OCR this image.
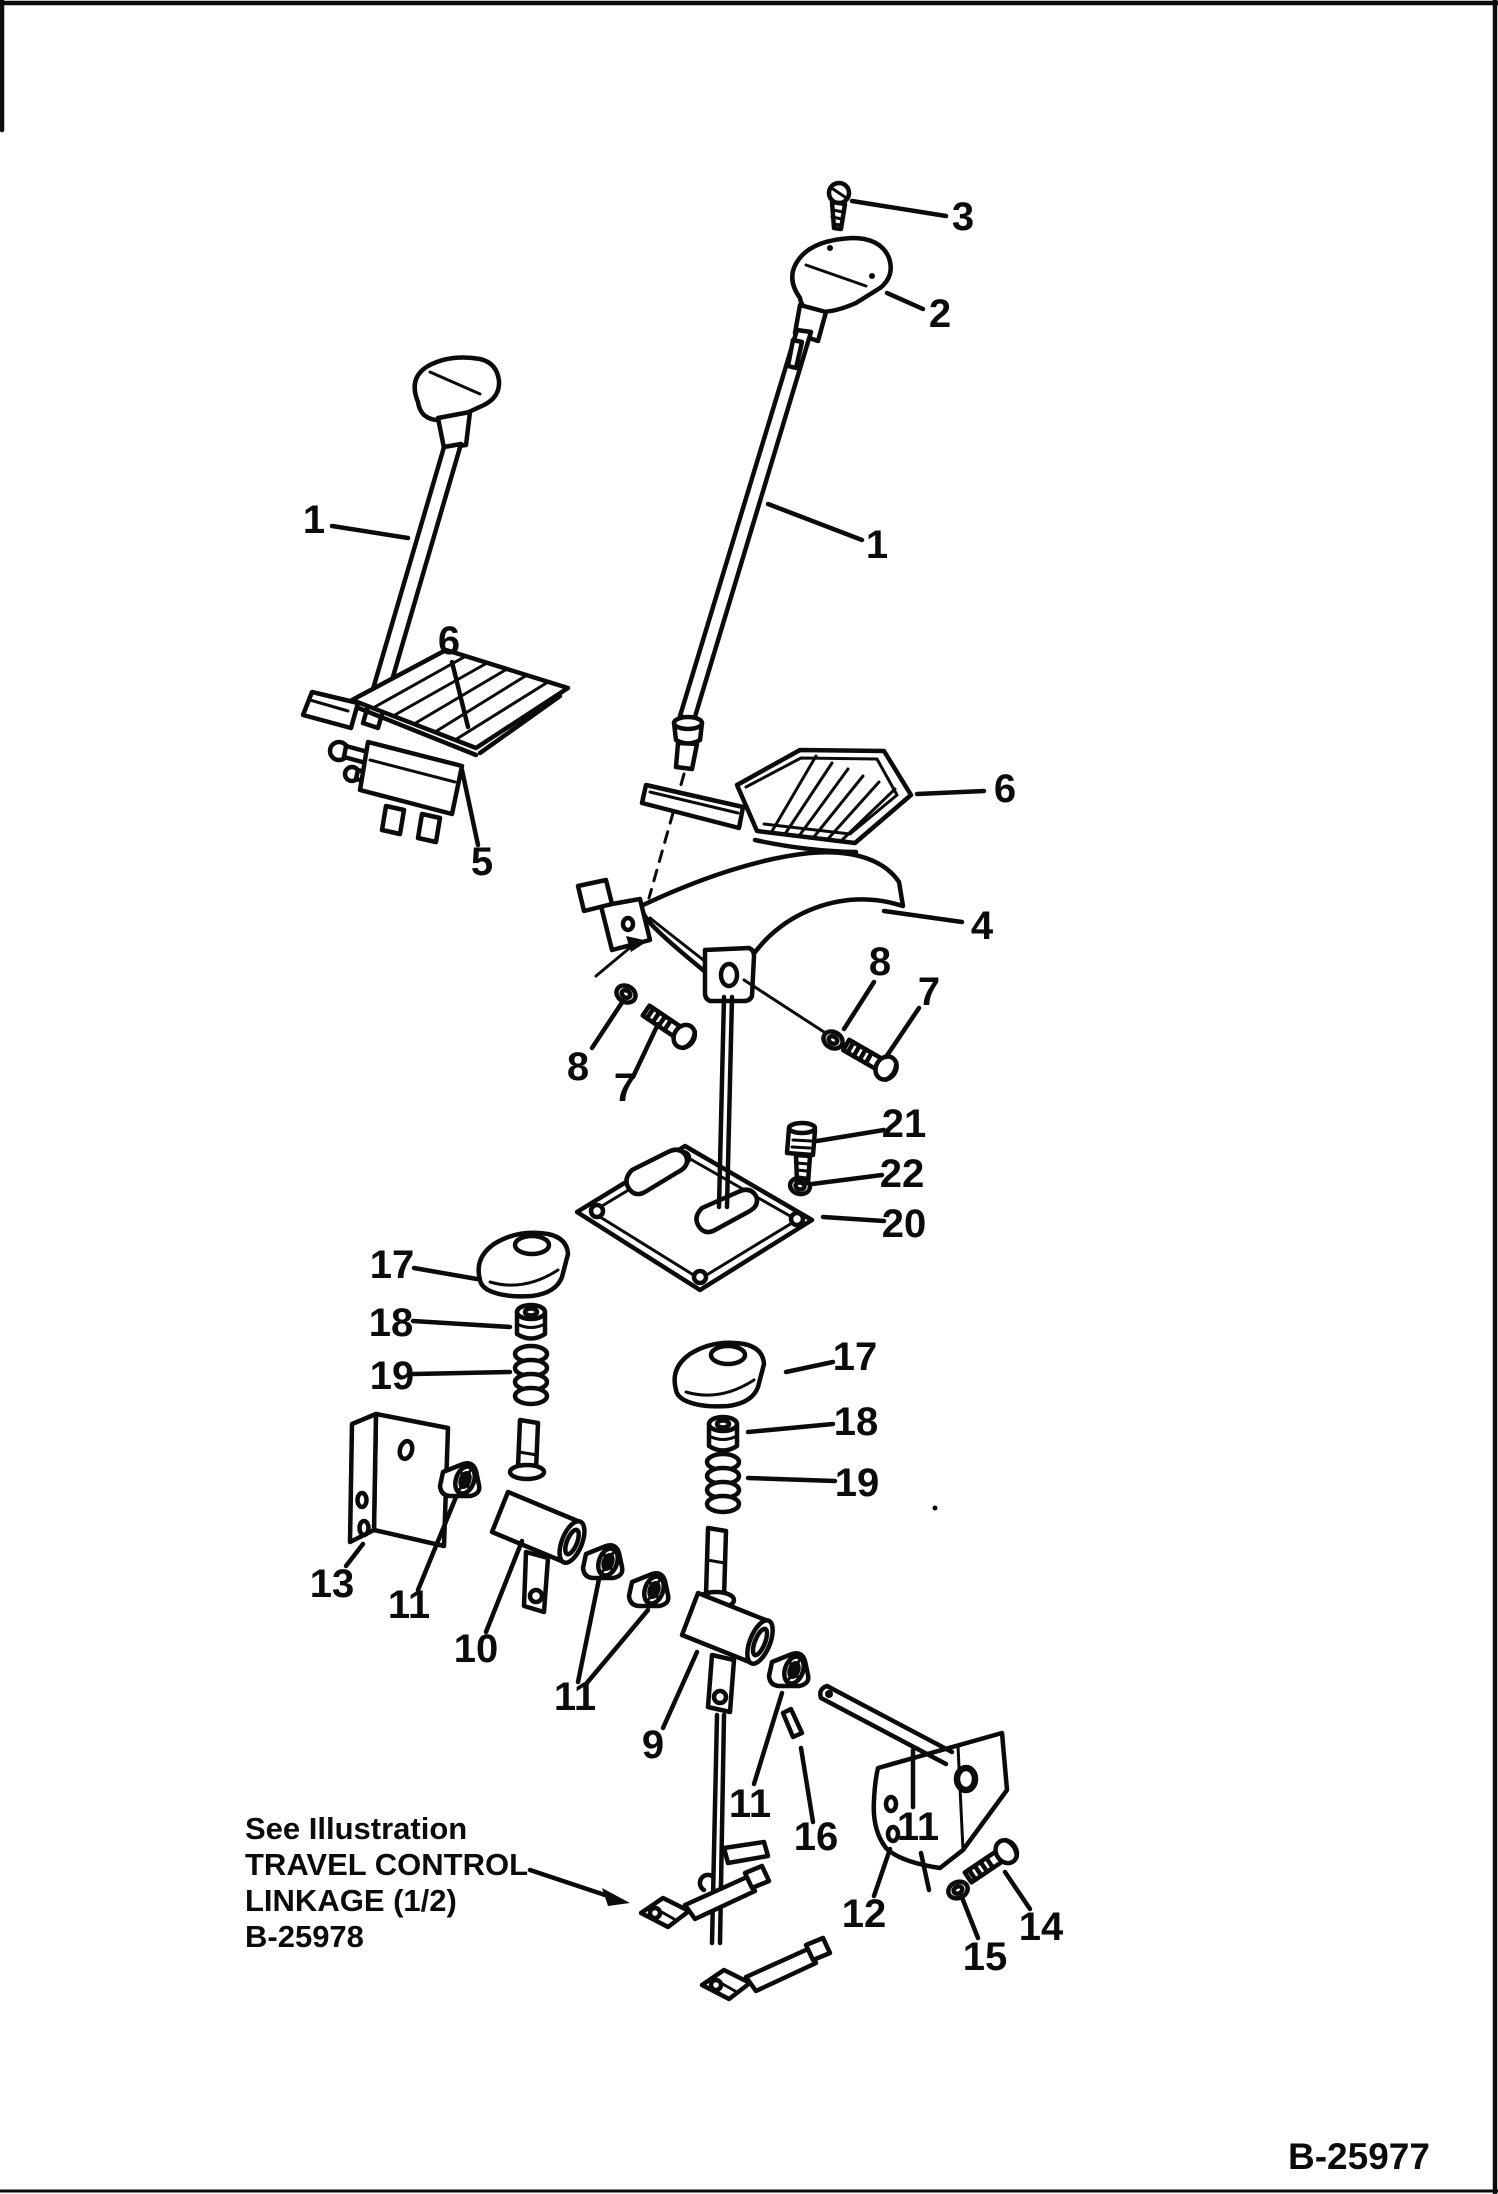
See Illustration
TRAVEL CONTROL
LINKAGE (1/2)
B-25978
B-25977
3
2
1
1
6
5
6
4
8
7
8 7
21
22
20
17
18
19	17
18
19
13 11
10
11
9
11
16 11
12
15
14
